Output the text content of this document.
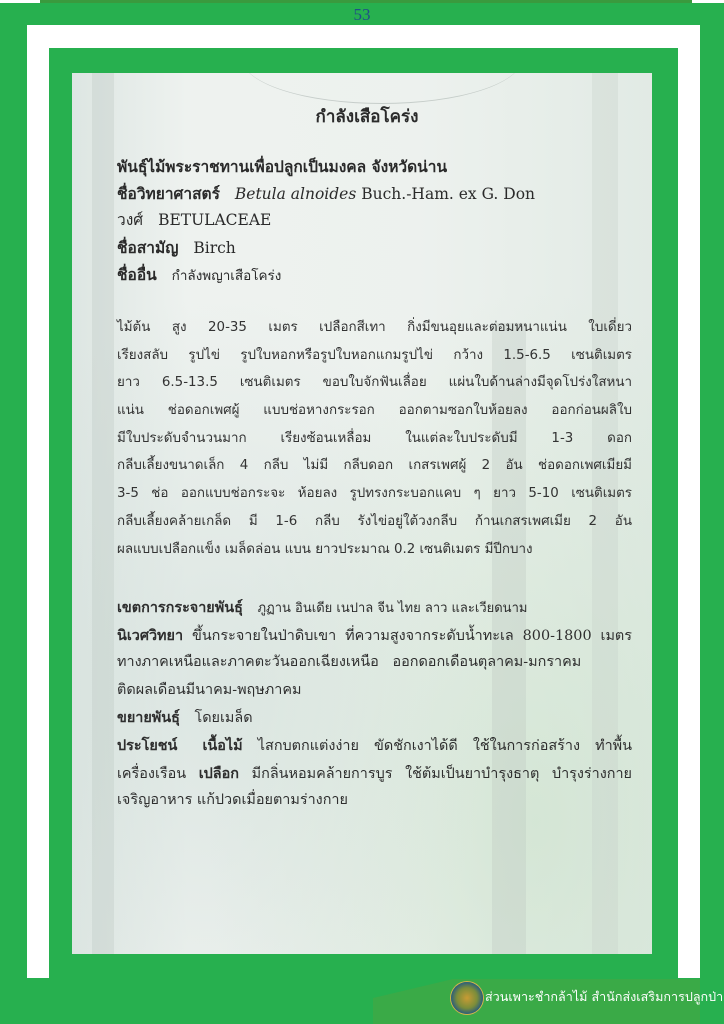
53
กำลังเสือโคร่ง
พันธุ์ไม้พระราชทานเพื่อปลูกเป็นมงคล จังหวัดน่าน
ชื่อวิทยาศาสตร์ Betula alnoides Buch.-Ham. ex G. Don
วงศ์ BETULACEAE
ชื่อสามัญ Birch
ชื่ออื่น กำลังพญาเสือโคร่ง
ไม้ต้น สูง 20-35 เมตร เปลือกสีเทา กิ่งมีขนอุยและต่อมหนาแน่น ใบเดี่ยว
เรียงสลับ รูปไข่ รูปใบหอกหรือรูปใบหอกแกมรูปไข่ กว้าง 1.5-6.5 เซนติเมตร
ยาว 6.5-13.5 เซนติเมตร ขอบใบจักฟันเลื่อย แผ่นใบด้านล่างมีจุดโปร่งใสหนา
แน่น ช่อดอกเพศผู้ แบบช่อหางกระรอก ออกตามซอกใบห้อยลง ออกก่อนผลิใบ
มีใบประดับจำนวนมาก เรียงซ้อนเหลื่อม ในแต่ละใบประดับมี 1-3 ดอก
กลีบเลี้ยงขนาดเล็ก 4 กลีบ ไม่มี กลีบดอก เกสรเพศผู้ 2 อัน ช่อดอกเพศเมียมี
3-5 ช่อ ออกแบบช่อกระจะ ห้อยลง รูปทรงกระบอกแคบ ๆ ยาว 5-10 เซนติเมตร
กลีบเลี้ยงคล้ายเกล็ด มี 1-6 กลีบ รังไข่อยู่ใต้วงกลีบ ก้านเกสรเพศเมีย 2 อัน
ผลแบบเปลือกแข็ง เมล็ดล่อน แบน ยาวประมาณ 0.2 เซนติเมตร มีปีกบาง
เขตการกระจายพันธุ์ ภูฏาน อินเดีย เนปาล จีน ไทย ลาว และเวียดนาม
นิเวศวิทยา ขึ้นกระจายในป่าดิบเขา ที่ความสูงจากระดับน้ำทะเล 800-1800 เมตร
ทางภาคเหนือและภาคตะวันออกเฉียงเหนือ   ออกดอกเดือนตุลาคม-มกราคม
ติดผลเดือนมีนาคม-พฤษภาคม
ขยายพันธุ์ โดยเมล็ด
ประโยชน์ เนื้อไม้ ไสกบตกแต่งง่าย ขัดชักเงาได้ดี ใช้ในการก่อสร้าง ทำพื้น
เครื่องเรือน เปลือก มีกลิ่นหอมคล้ายการบูร ใช้ต้มเป็นยาบำรุงธาตุ บำรุงร่างกาย
เจริญอาหาร แก้ปวดเมื่อยตามร่างกาย
ส่วนเพาะชำกล้าไม้ สำนักส่งเสริมการปลูกป่า
